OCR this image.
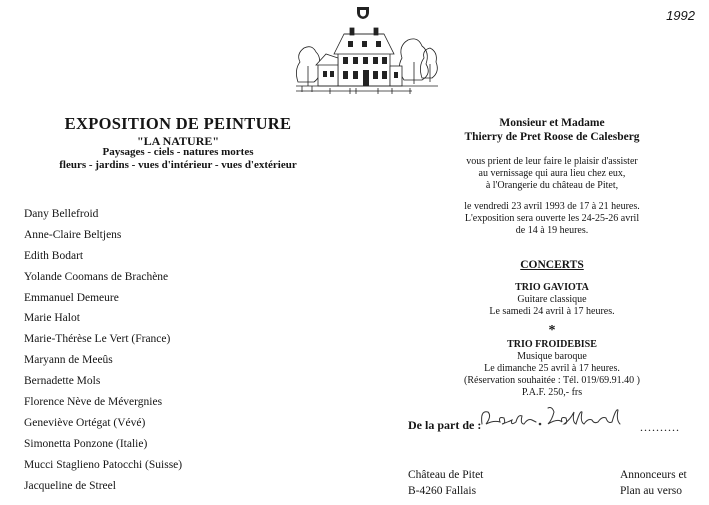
1992
EXPOSITION DE PEINTURE
"LA NATURE"
Paysages - ciels - natures mortes
fleurs - jardins - vues d'intérieur - vues d'extérieur
Dany Bellefroid
Anne-Claire Beltjens
Edith Bodart
Yolande Coomans de Brachène
Emmanuel Demeure
Marie Halot
Marie-Thérèse Le Vert (France)
Maryann de Meeûs
Bernadette Mols
Florence Nève de Mévergnies
Geneviève Ortégat (Vévé)
Simonetta Ponzone (Italie)
Mucci Staglieno Patocchi (Suisse)
Jacqueline de Streel
Monsieur et Madame
Thierry de Pret Roose de Calesberg
vous prient de leur faire le plaisir d'assister
au vernissage qui aura lieu chez eux,
à l'Orangerie du château de Pitet,
le vendredi 23 avril 1993 de 17 à 21 heures.
L'exposition sera ouverte les 24-25-26 avril
de 14 à 19 heures.
CONCERTS
TRIO GAVIOTA
Guitare classique
Le samedi 24 avril à 17 heures.
*
TRIO FROIDEBISE
Musique baroque
Le dimanche 25 avril à 17 heures.
(Réservation souhaitée : Tél. 019/69.91.40 )
P.A.F. 250,- frs
De la part de :	..........
Château de Pitet
B-4260 Fallais
Annonceurs et
Plan au verso
